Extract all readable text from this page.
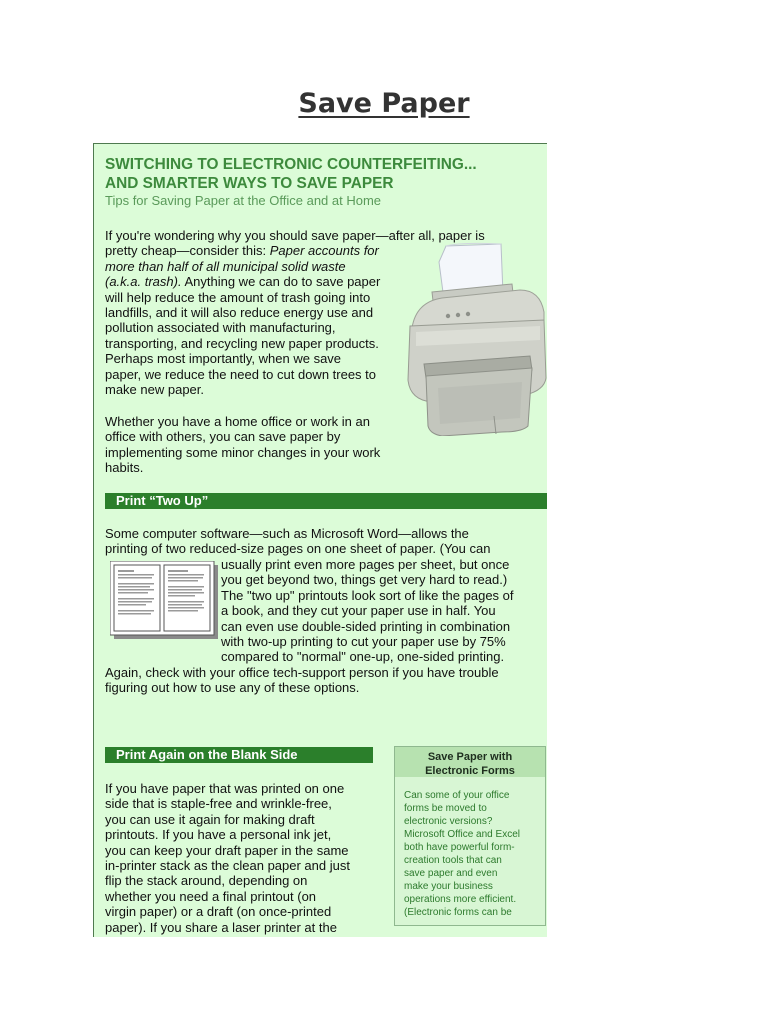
Save Paper
SWITCHING TO ELECTRONIC COUNTERFEITING...
AND SMARTER WAYS TO SAVE PAPER
Tips for Saving Paper at the Office and at Home

If you're wondering why you should save paper—after all, paper is

pretty cheap—consider this: Paper accounts for

more than half of all municipal solid waste

(a.k.a. trash). Anything we can do to save paper

will help reduce the amount of trash going into

landfills, and it will also reduce energy use and

pollution associated with manufacturing,

transporting, and recycling new paper products.

Perhaps most importantly, when we save

paper, we reduce the need to cut down trees to

make new paper.

Whether you have a home office or work in an

office with others, you can save paper by

implementing some minor changes in your work

habits.

Print “Two Up”

Some computer software—such as Microsoft Word—allows the

printing of two reduced-size pages on one sheet of paper. (You can

usually print even more pages per sheet, but once

you get beyond two, things get very hard to read.)

The "two up" printouts look sort of like the pages of

a book, and they cut your paper use in half. You

can even use double-sided printing in combination

with two-up printing to cut your paper use by 75%

compared to "normal" one-up, one-sided printing.

Again, check with your office tech-support person if you have trouble

figuring out how to use any of these options.

Print Again on the Blank Side

If you have paper that was printed on one

side that is staple-free and wrinkle-free,

you can use it again for making draft

printouts. If you have a personal ink jet,

you can keep your draft paper in the same

in-printer stack as the clean paper and just

flip the stack around, depending on

whether you need a final printout (on

virgin paper) or a draft (on once-printed

paper). If you share a laser printer at the

Save Paper with
Electronic Forms
Can some of your office
forms be moved to
electronic versions?
Microsoft Office and Excel
both have powerful form-
creation tools that can
save paper and even
make your business
operations more efficient.
(Electronic forms can be
